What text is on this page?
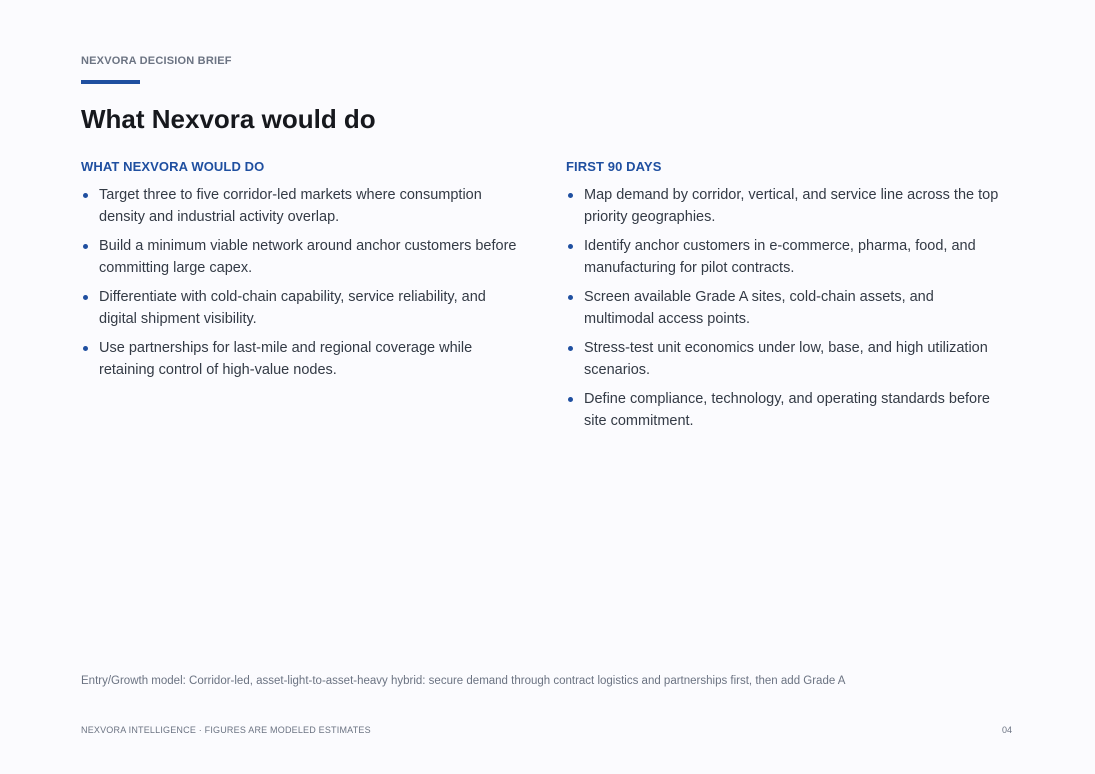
NEXVORA DECISION BRIEF
What Nexvora would do
WHAT NEXVORA WOULD DO
Target three to five corridor-led markets where consumption density and industrial activity overlap.
Build a minimum viable network around anchor customers before committing large capex.
Differentiate with cold-chain capability, service reliability, and digital shipment visibility.
Use partnerships for last-mile and regional coverage while retaining control of high-value nodes.
FIRST 90 DAYS
Map demand by corridor, vertical, and service line across the top priority geographies.
Identify anchor customers in e-commerce, pharma, food, and manufacturing for pilot contracts.
Screen available Grade A sites, cold-chain assets, and multimodal access points.
Stress-test unit economics under low, base, and high utilization scenarios.
Define compliance, technology, and operating standards before site commitment.
Entry/Growth model: Corridor-led, asset-light-to-asset-heavy hybrid: secure demand through contract logistics and partnerships first, then add Grade A
NEXVORA INTELLIGENCE · FIGURES ARE MODELED ESTIMATES	04
